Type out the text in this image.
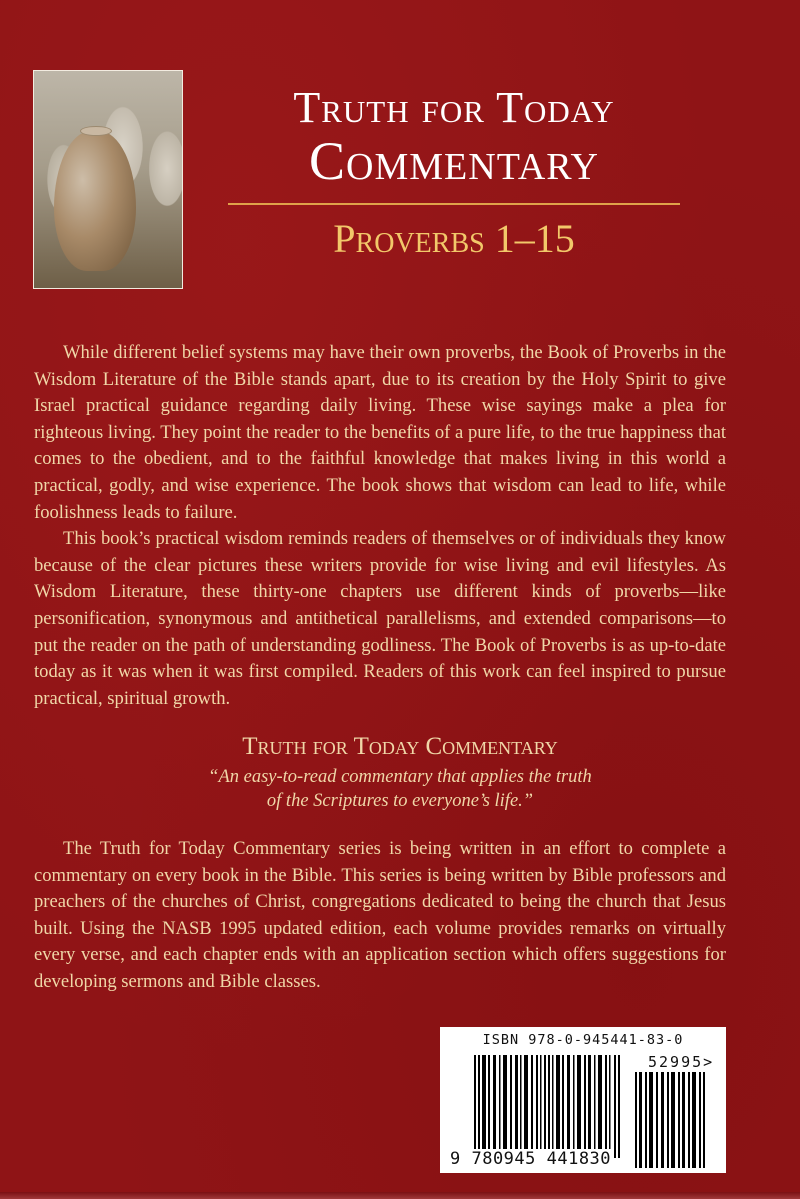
Truth for Today
Commentary
Proverbs 1–15

While different belief systems may have their own proverbs, the Book of Proverbs in the Wisdom Literature of the Bible stands apart, due to its creation by the Holy Spirit to give Israel practical guidance regarding daily living. These wise sayings make a plea for righteous living. They point the reader to the benefits of a pure life, to the true happiness that comes to the obedient, and to the faithful knowledge that makes living in this world a practical, godly, and wise experience. The book shows that wisdom can lead to life, while foolishness leads to failure.

This book’s practical wisdom reminds readers of themselves or of individuals they know because of the clear pictures these writers provide for wise living and evil lifestyles. As Wisdom Literature, these thirty-one chapters use different kinds of proverbs—like personification, synonymous and antithetical parallelisms, and extended comparisons—to put the reader on the path of understanding godliness. The Book of Proverbs is as up-to-date today as it was when it was first compiled. Readers of this work can feel inspired to pursue practical, spiritual growth.

Truth for Today Commentary
“An easy-to-read commentary that applies the truth
of the Scriptures to everyone’s life.”

The Truth for Today Commentary series is being written in an effort to complete a commentary on every book in the Bible. This series is being written by Bible professors and preachers of the churches of Christ, congregations dedicated to being the church that Jesus built. Using the NASB 1995 updated edition, each volume provides remarks on virtually every verse, and each chapter ends with an application section which offers suggestions for developing sermons and Bible classes.

ISBN 978-0-945441-83-0
52995>
9 780945 441830
